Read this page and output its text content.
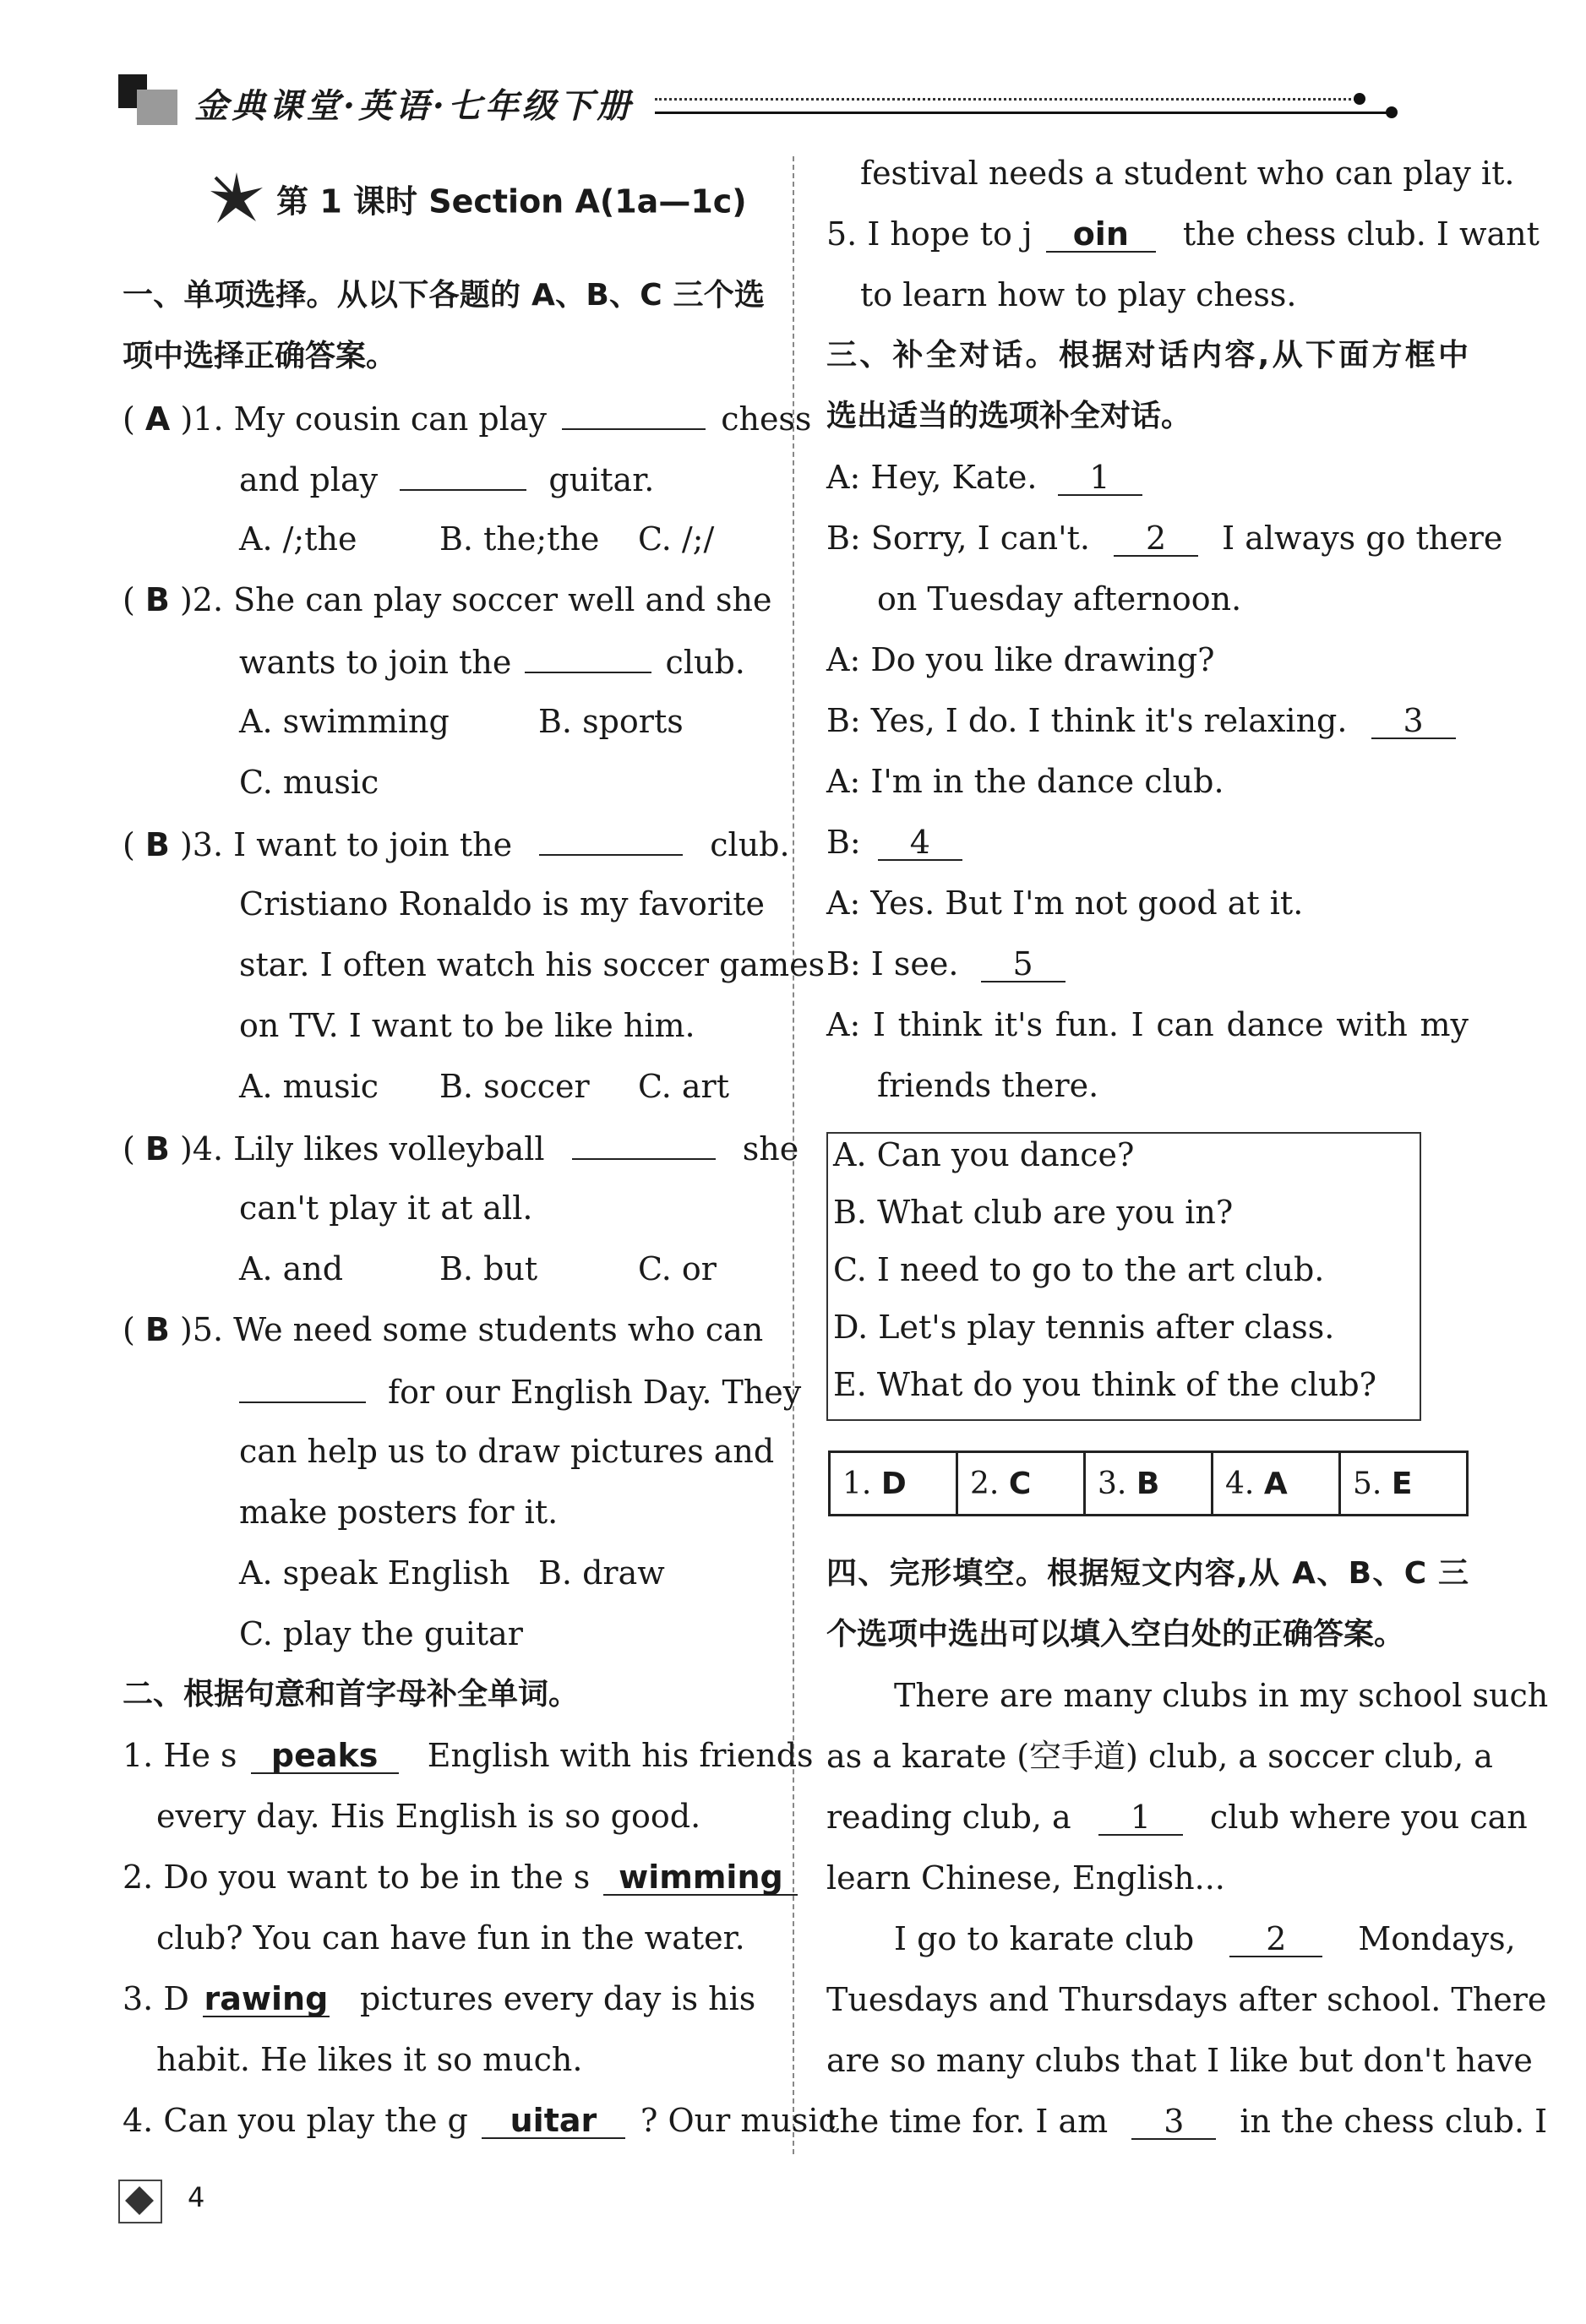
金典课堂·英语·七年级下册
第 1 课时 Section A(1a—1c)
一、单项选择。从以下各题的 A、B、C 三个选
项中选择正确答案。
( A )1. My cousin can play	chess
and play	guitar.
A. /;the	B. the;the C. /;/
( B )2. She can play soccer well and she
wants to join the	club.
A. swimming	B. sports
C. music
( B )3. I want to join the	club.
Cristiano Ronaldo is my favorite
star. I often watch his soccer games
on TV. I want to be like him.
A. music B. soccer C. art
( B )4. Lily likes volleyball	she
can't play it at all.
A. and	B. but	C. or
( B )5. We need some students who can
for our English Day. They
can help us to draw pictures and
make posters for it.
A. speak English B. draw
C. play the guitar
二、根据句意和首字母补全单词。
1. He s peaks English with his friends
every day. His English is so good.
2. Do you want to be in the s wimming
club? You can have fun in the water.
3. D rawing pictures every day is his
habit. He likes it so much.
4. Can you play the g uitar ? Our music
festival needs a student who can play it.
5. I hope to j oin the chess club. I want
to learn how to play chess.
三、补全对话。根据对话内容,从下面方框中
选出适当的选项补全对话。
A: Hey, Kate. 1
B: Sorry, I can't. 2 I always go there
on Tuesday afternoon.
A: Do you like drawing?
B: Yes, I do. I think it's relaxing. 3
A: I'm in the dance club.
B: 4
A: Yes. But I'm not good at it.
B: I see. 5
A: I think it's fun. I can dance with my
friends there.
A. Can you dance?
B. What club are you in?
C. I need to go to the art club.
D. Let's play tennis after class.
E. What do you think of the club?
1. D	2. C	3. B	4. A	5. E
四、完形填空。根据短文内容,从 A、B、C 三
个选项中选出可以填入空白处的正确答案。
There are many clubs in my school such
as a karate (空手道) club, a soccer club, a
reading club, a 1 club where you can
learn Chinese, English...
I go to karate club 2 Mondays,
Tuesdays and Thursdays after school. There
are so many clubs that I like but don't have
the time for. I am 3 in the chess club. I
4
